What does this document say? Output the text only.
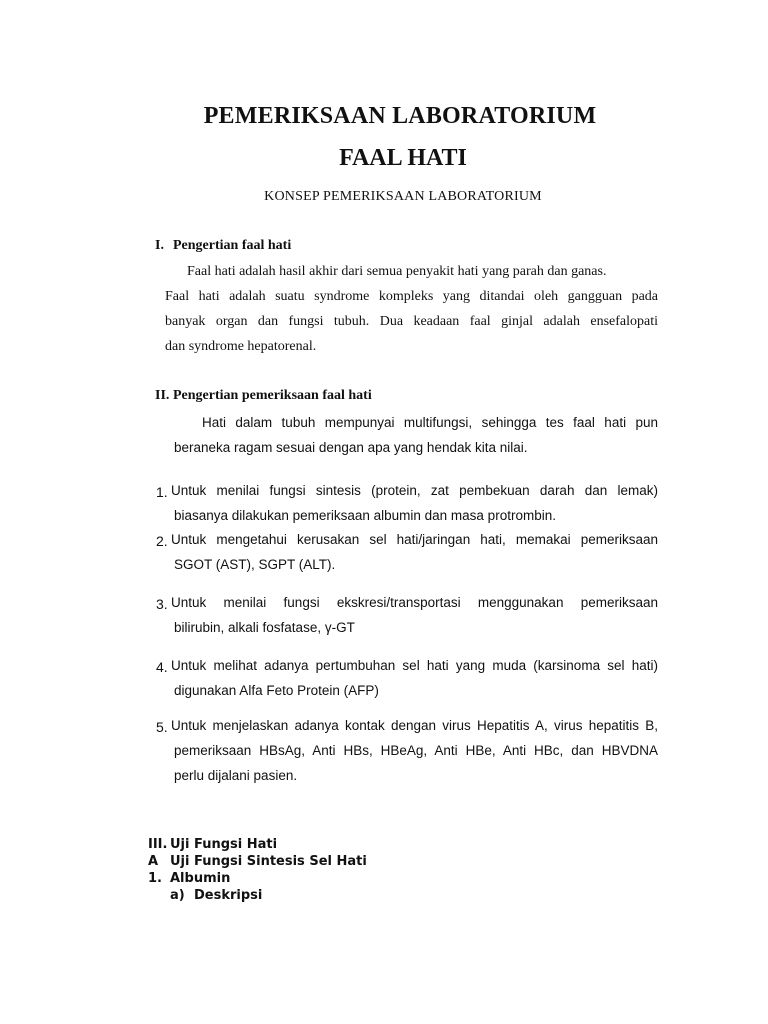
PEMERIKSAAN LABORATORIUM
FAAL HATI
KONSEP PEMERIKSAAN LABORATORIUM
I. Pengertian faal hati
Faal hati adalah hasil akhir dari semua penyakit hati yang parah dan ganas.
Faal hati adalah suatu syndrome kompleks yang ditandai oleh gangguan pada
banyak organ dan fungsi tubuh. Dua keadaan faal ginjal adalah ensefalopati
dan syndrome hepatorenal.
II. Pengertian pemeriksaan faal hati
Hati dalam tubuh mempunyai multifungsi, sehingga tes faal hati pun
beraneka ragam sesuai dengan apa yang hendak kita nilai.
1. Untuk menilai fungsi sintesis (protein, zat pembekuan darah dan lemak)
biasanya dilakukan pemeriksaan albumin dan masa protrombin.
2. Untuk mengetahui kerusakan sel hati/jaringan hati, memakai pemeriksaan
SGOT (AST), SGPT (ALT).
3. Untuk menilai fungsi ekskresi/transportasi menggunakan pemeriksaan
bilirubin, alkali fosfatase, γ-GT
4. Untuk melihat adanya pertumbuhan sel hati yang muda (karsinoma sel hati)
digunakan Alfa Feto Protein (AFP)
5. Untuk menjelaskan adanya kontak dengan virus Hepatitis A, virus hepatitis B,
pemeriksaan HBsAg, Anti HBs, HBeAg, Anti HBe, Anti HBc, dan HBVDNA
perlu dijalani pasien.
III. Uji Fungsi Hati
A Uji Fungsi Sintesis Sel Hati
1. Albumin
a) Deskripsi
